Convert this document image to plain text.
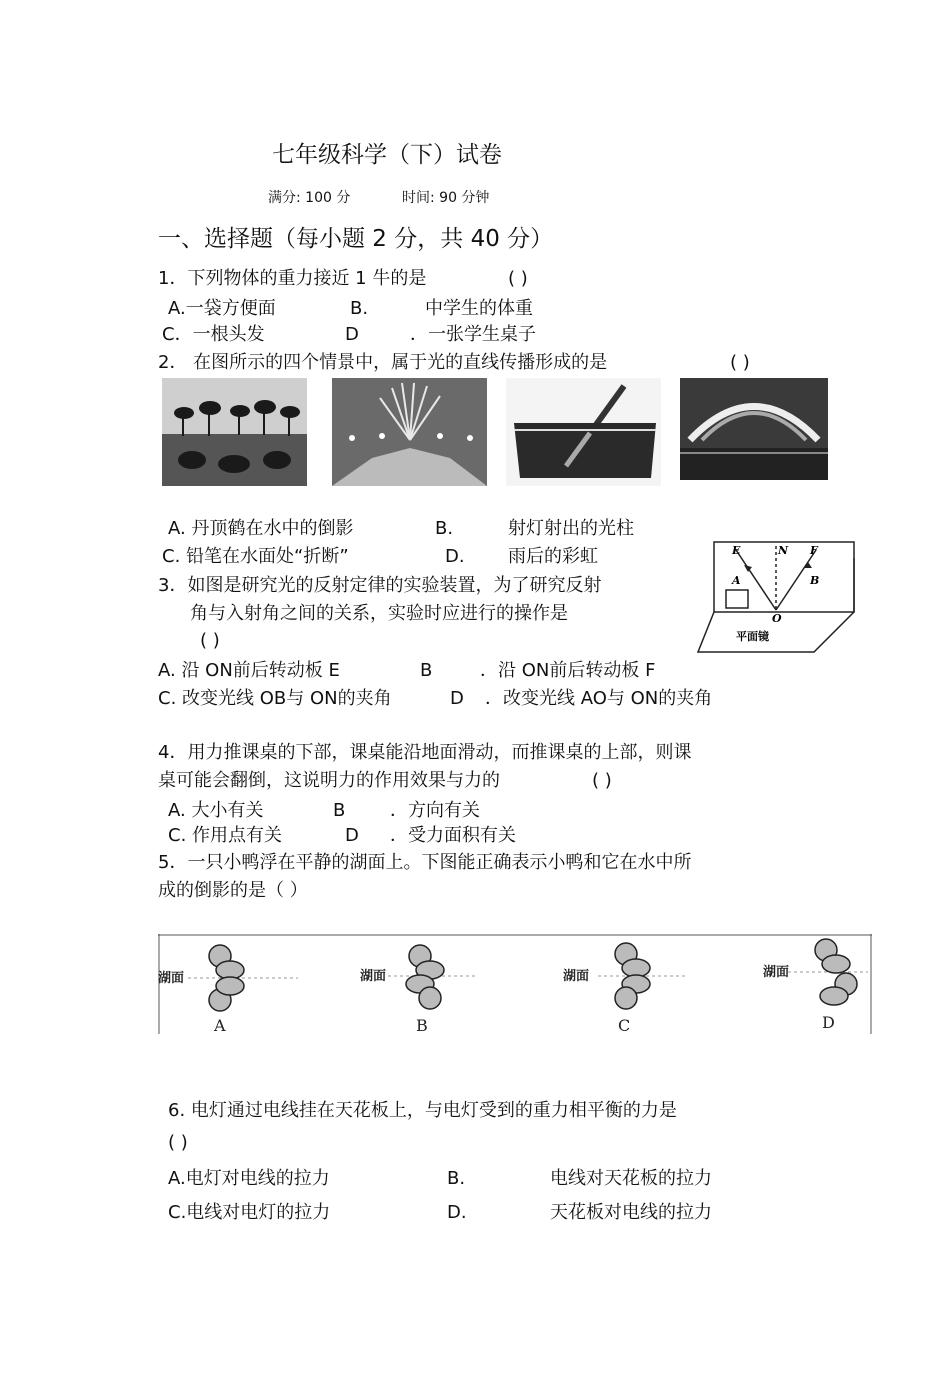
七年级科学（下）试卷
满分: 100 分	时间: 90 分钟
一、选择题（每小题 2 分，共 40 分）
1．下列物体的重力接近 1 牛的是	( )
A.一袋方便面	B.	中学生的体重
C．一根头发	D	．一张学生桌子
2． 在图所示的四个情景中，属于光的直线传播形成的是	( )
A. 丹顶鹤在水中的倒影	B.	射灯射出的光柱
C. 铅笔在水面处“折断”	D. 雨后的彩虹	E	N F
A	B
O
平面镜
3．如图是研究光的反射定律的实验装置，为了研究反射
角与入射角之间的关系，实验时应进行的操作是
( )
A. 沿 ON前后转动板 E	B	．沿 ON前后转动板 F
C. 改变光线 OB与 ON的夹角	D ．改变光线 AO与 ON的夹角
4．用力推课桌的下部，课桌能沿地面滑动，而推课桌的上部，则课
桌可能会翻倒，这说明力的作用效果与力的	( )
A. 大小有关	B ．方向有关
C. 作用点有关	D ．受力面积有关
5．一只小鸭浮在平静的湖面上。下图能正确表示小鸭和它在水中所
成的倒影的是（ ）
湖面	湖面	湖面	湖面
A	B	C	D
6. 电灯通过电线挂在天花板上，与电灯受到的重力相平衡的力是
( )
A.电灯对电线的拉力	B.	电线对天花板的拉力
C.电线对电灯的拉力	D.	天花板对电线的拉力
